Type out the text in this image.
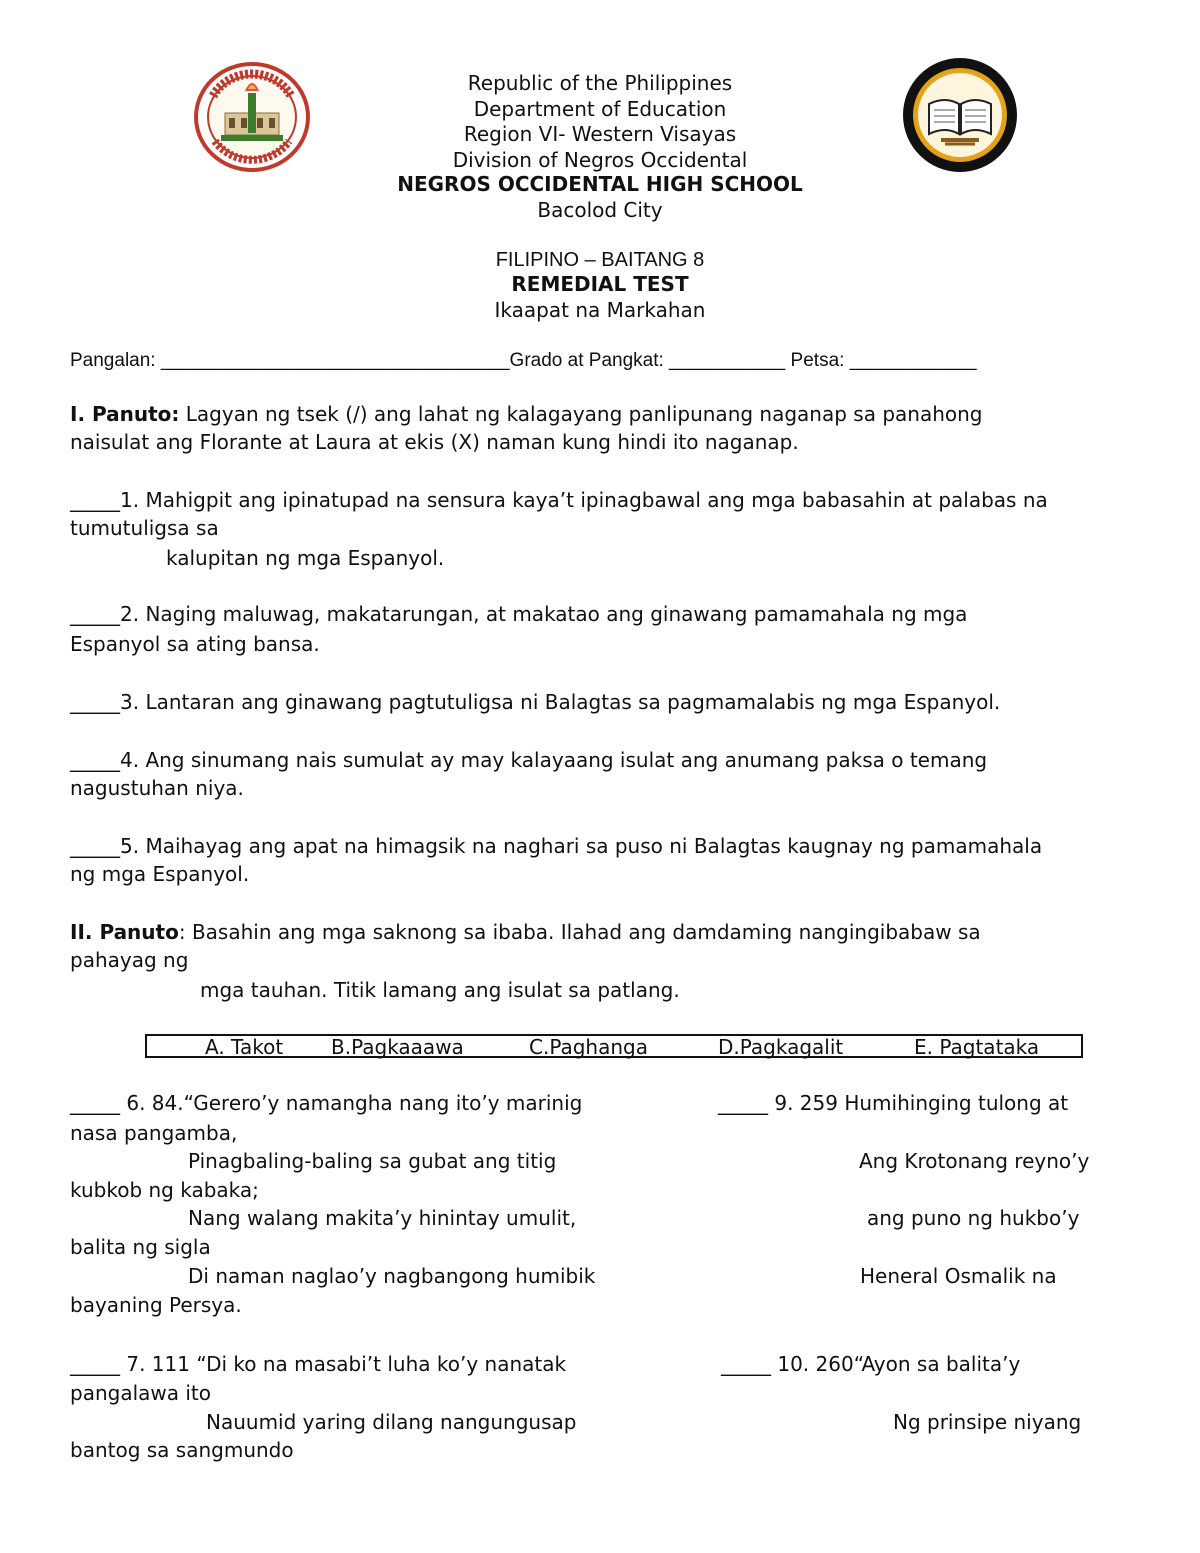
Republic of the Philippines
Department of Education
Region VI- Western Visayas
Division of Negros Occidental
NEGROS OCCIDENTAL HIGH SCHOOL
Bacolod City
FILIPINO – BAITANG 8
REMEDIAL TEST
Ikaapat na Markahan
Pangalan: _________________________________Grado at Pangkat: ___________ Petsa: ____________
I. Panuto: Lagyan ng tsek (/) ang lahat ng kalagayang panlipunang naganap sa panahong
naisulat ang Florante at Laura at ekis (X) naman kung hindi ito naganap.
_____1. Mahigpit ang ipinatupad na sensura kaya’t ipinagbawal ang mga babasahin at palabas na
tumutuligsa sa
kalupitan ng mga Espanyol.
_____2. Naging maluwag, makatarungan, at makatao ang ginawang pamamahala ng mga
Espanyol sa ating bansa.
_____3. Lantaran ang ginawang pagtutuligsa ni Balagtas sa pagmamalabis ng mga Espanyol.
_____4. Ang sinumang nais sumulat ay may kalayaang isulat ang anumang paksa o temang
nagustuhan niya.
_____5. Maihayag ang apat na himagsik na naghari sa puso ni Balagtas kaugnay ng pamamahala
ng mga Espanyol.
II. Panuto: Basahin ang mga saknong sa ibaba. Ilahad ang damdaming nangingibabaw sa
pahayag ng
mga tauhan. Titik lamang ang isulat sa patlang.
A. Takot B.Pagkaaawa	C.Paghanga	D.Pagkagalit	E. Pagtataka
_____ 6. 84.“Gerero’y namangha nang ito’y marinig
nasa pangamba,
Pinagbaling-baling sa gubat ang titig
kubkob ng kabaka;
Nang walang makita’y hinintay umulit,
balita ng sigla
Di naman naglao’y nagbangong humibik
bayaning Persya.
_____ 9. 259 Humihinging tulong at
Ang Krotonang reyno’y
ang puno ng hukbo’y
Heneral Osmalik na
_____ 7. 111 “Di ko na masabi’t luha ko’y nanatak
pangalawa ito
Nauumid yaring dilang nangungusap
bantog sa sangmundo
_____ 10. 260“Ayon sa balita’y
Ng prinsipe niyang
